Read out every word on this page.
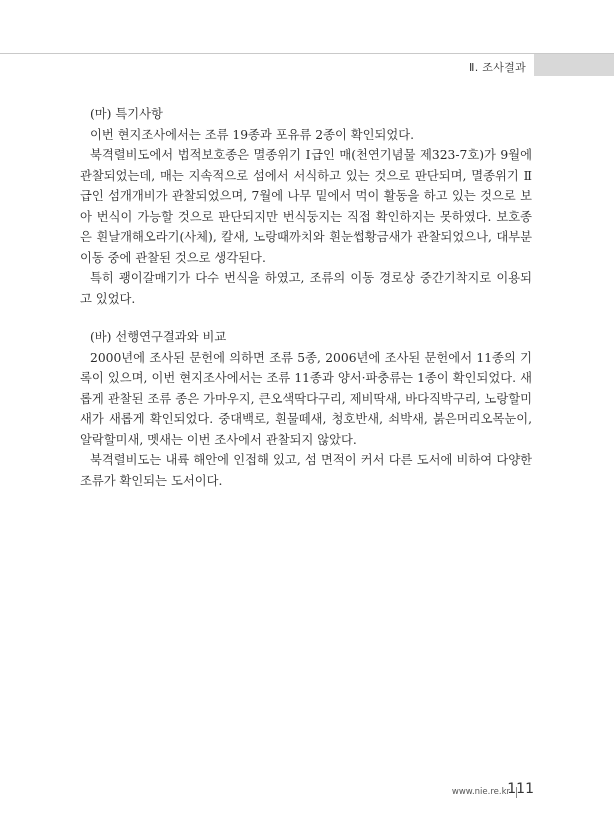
Ⅱ. 조사결과

(마) 특기사항

이번 현지조사에서는 조류 19종과 포유류 2종이 확인되었다.

북격렬비도에서 법적보호종은 멸종위기 Ⅰ급인 매(천연기념물 제323-7호)가 9월에 관찰되었는데, 매는 지속적으로 섬에서 서식하고 있는 것으로 판단되며, 멸종위기 Ⅱ급인 섬개개비가 관찰되었으며, 7월에 나무 밑에서 먹이 활동을 하고 있는 것으로 보아 번식이 가능할 것으로 판단되지만 번식둥지는 직접 확인하지는 못하였다. 보호종은 흰날개해오라기(사체), 칼새, 노랑때까치와 흰눈썹황금새가 관찰되었으나, 대부분 이동 중에 관찰된 것으로 생각된다.

특히 괭이갈매기가 다수 번식을 하였고, 조류의 이동 경로상 중간기착지로 이용되고 있었다.

(바) 선행연구결과와 비교

2000년에 조사된 문헌에 의하면 조류 5종, 2006년에 조사된 문헌에서 11종의 기록이 있으며, 이번 현지조사에서는 조류 11종과 양서·파충류는 1종이 확인되었다. 새롭게 관찰된 조류 종은 가마우지, 큰오색딱다구리, 제비딱새, 바다직박구리, 노랑할미새가 새롭게 확인되었다. 중대백로, 흰물떼새, 청호반새, 쇠박새, 붉은머리오목눈이, 알락할미새, 멧새는 이번 조사에서 관찰되지 않았다.

북격렬비도는 내륙 해안에 인접해 있고, 섬 면적이 커서 다른 도서에 비하여 다양한 조류가 확인되는 도서이다.

www.nie.re.kr
111
